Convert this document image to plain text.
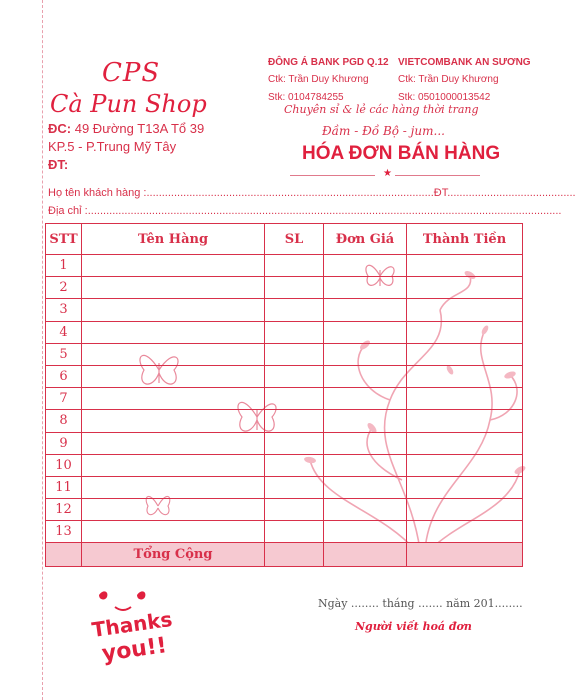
CPS
Cà Pun Shop
ĐC: 49 Đường T13A Tổ 39
KP.5 - P.Trung Mỹ Tây
ĐT:
ĐÔNG Á BANK PGD Q.12
Ctk: Trần Duy Khương
Stk: 0104784255
VIETCOMBANK AN SƯƠNG
Ctk: Trần Duy Khương
Stk: 0501000013542
Chuyên sỉ & lẻ các hàng thời trang
Đầm - Đồ Bộ - jum...
HÓA ĐƠN BÁN HÀNG
★
Họ tên khách hàng :..............................................................................................ĐT..........................................
Địa chỉ :...........................................................................................................................................................
STT	Tên Hàng	SL	Đơn Giá	Thành Tiền
1				
2				
3				
4				
5				
6				
7				
8				
9				
10				
11				
12				
13				
	Tổng Cộng			
Thanks
you!!
Ngày ........ tháng ....... năm 201........
Người viết hoá đơn
